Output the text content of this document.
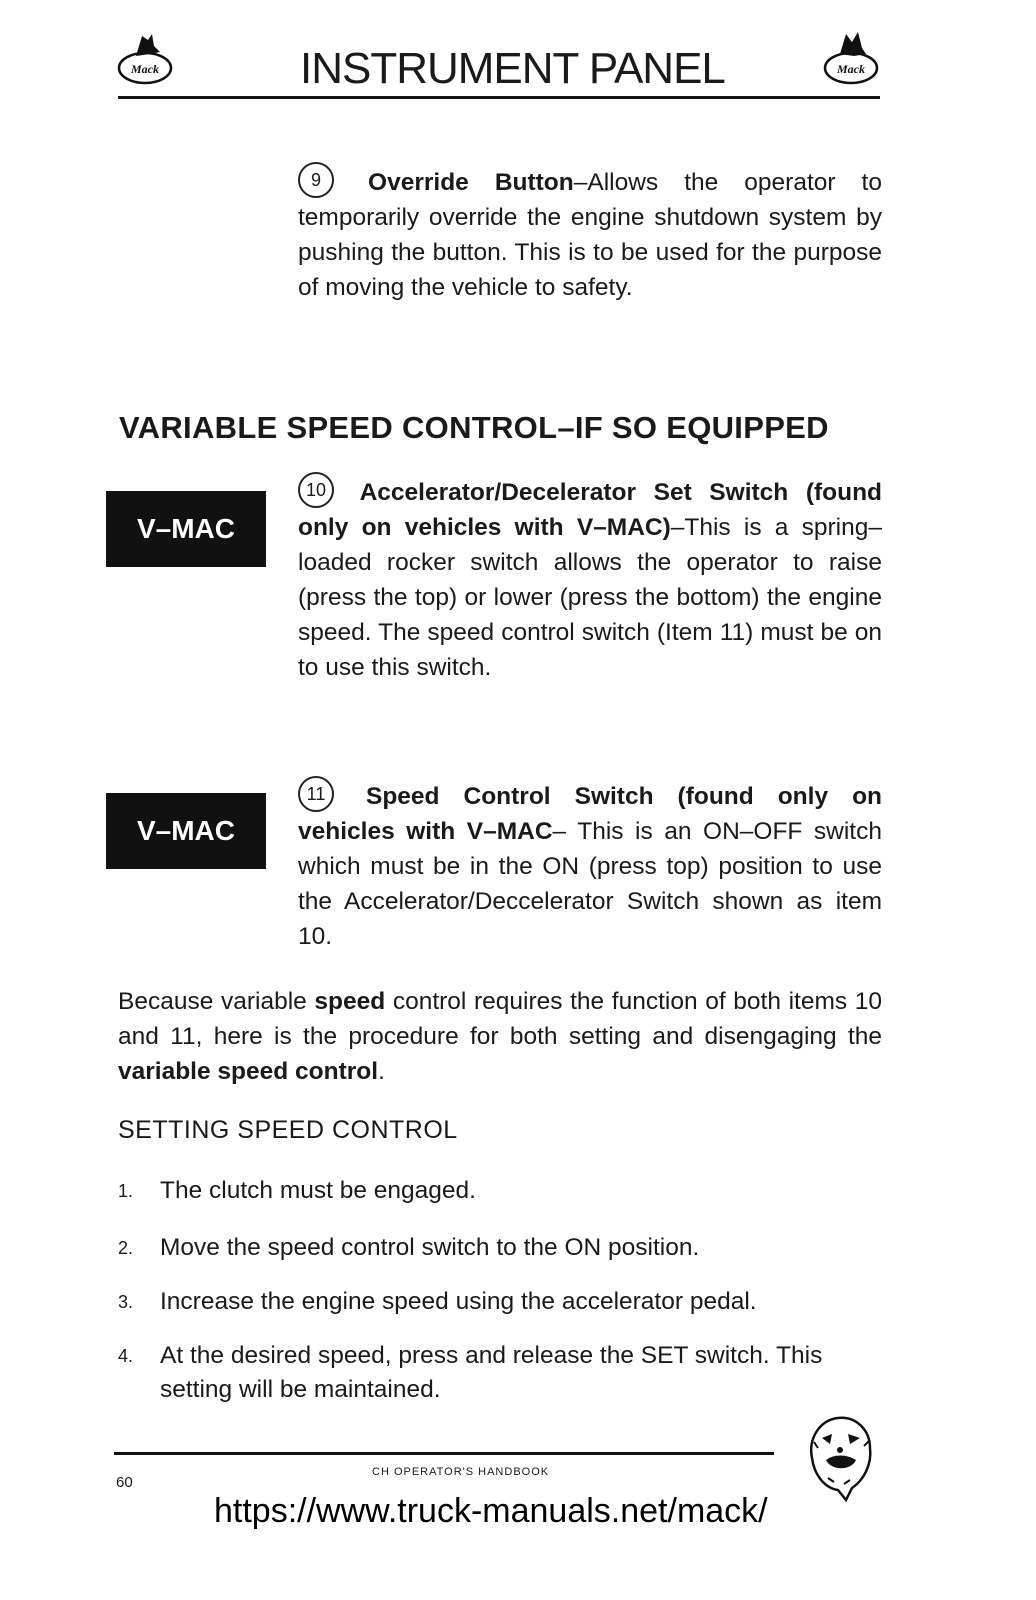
Mack	Mack
INSTRUMENT PANEL
9 Override Button–Allows the operator to temporarily override the engine shutdown system by pushing the button. This is to be used for the purpose of moving the vehicle to safety.
VARIABLE SPEED CONTROL–IF SO EQUIPPED
V–MAC
10 Accelerator/Decelerator Set Switch (found only on vehicles with V–MAC)–This is a spring–loaded rocker switch allows the operator to raise (press the top) or lower (press the bottom) the engine speed. The speed control switch (Item 11) must be on to use this switch.
V–MAC
11 Speed Control Switch (found only on vehicles with V–MAC– This is an ON–OFF switch which must be in the ON (press top) position to use the Accelerator/Deccelerator Switch shown as item 10.
Because variable speed control requires the function of both items 10 and 11, here is the procedure for both setting and disengaging the variable speed control.
SETTING SPEED CONTROL
1. The clutch must be engaged.
2. Move the speed control switch to the ON position.
3. Increase the engine speed using the accelerator pedal.
4. At the desired speed, press and release the SET switch. This setting will be maintained.
60
CH OPERATOR'S HANDBOOK
https://www.truck-manuals.net/mack/
